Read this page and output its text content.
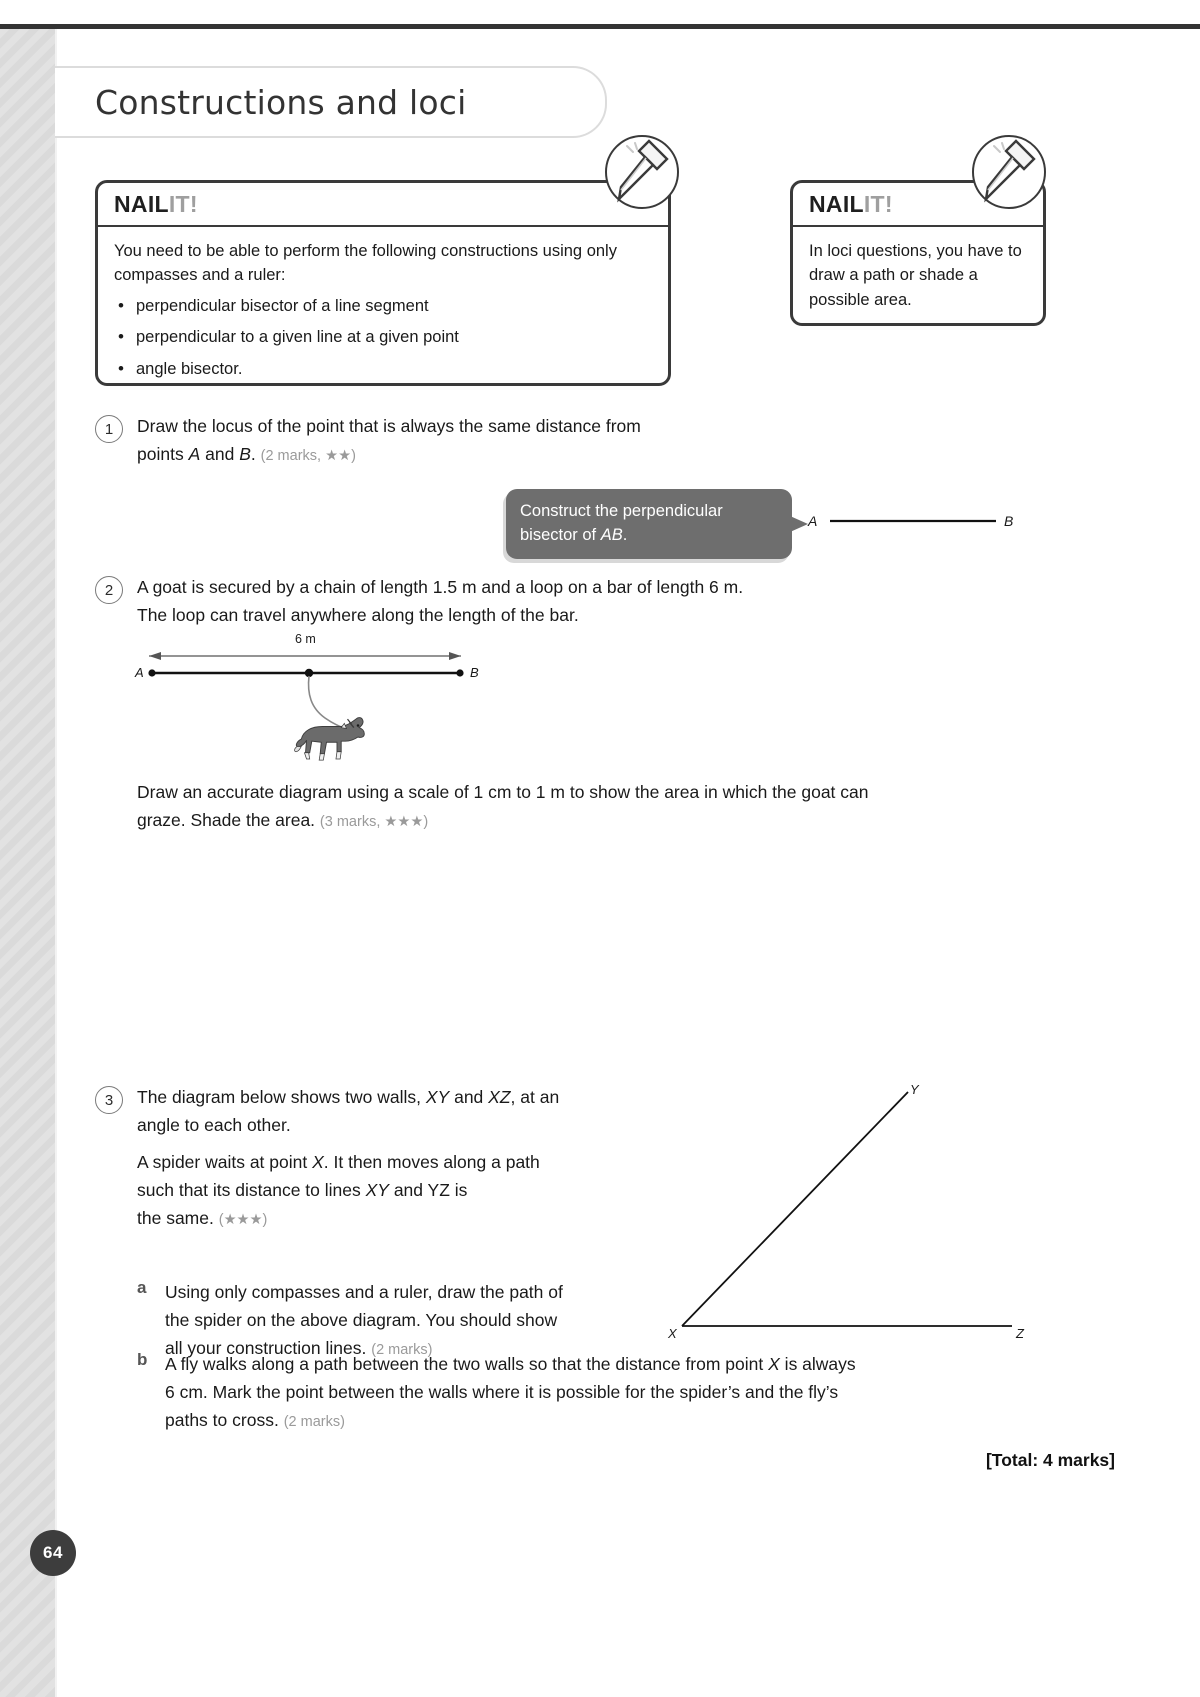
64
Constructions and loci
NAIL IT!
You need to be able to perform the following constructions using only compasses and a ruler:
• perpendicular bisector of a line segment
• perpendicular to a given line at a given point
• angle bisector.
NAIL IT!
In loci questions, you have to draw a path or shade a possible area.
1	Draw the locus of the point that is always the same distance from
points A and B. (2 marks, ★★)
Construct the perpendicular
bisector of AB.
A	B
2	A goat is secured by a chain of length 1.5 m and a loop on a bar of length 6 m.
The loop can travel anywhere along the length of the bar.
6 m
A	B
Draw an accurate diagram using a scale of 1 cm to 1 m to show the area in which the goat can
graze. Shade the area. (3 marks, ★★★)
3	The diagram below shows two walls, XY and XZ, at an
angle to each other.
A spider waits at point X. It then moves along a path
such that its distance to lines XY and YZ is
the same. (★★★)
a Using only compasses and a ruler, draw the path of
the spider on the above diagram. You should show
all your construction lines. (2 marks)
b A fly walks along a path between the two walls so that the distance from point X is always
6 cm. Mark the point between the walls where it is possible for the spider’s and the fly’s
paths to cross. (2 marks)
X
Y
Z
[Total: 4 marks]
